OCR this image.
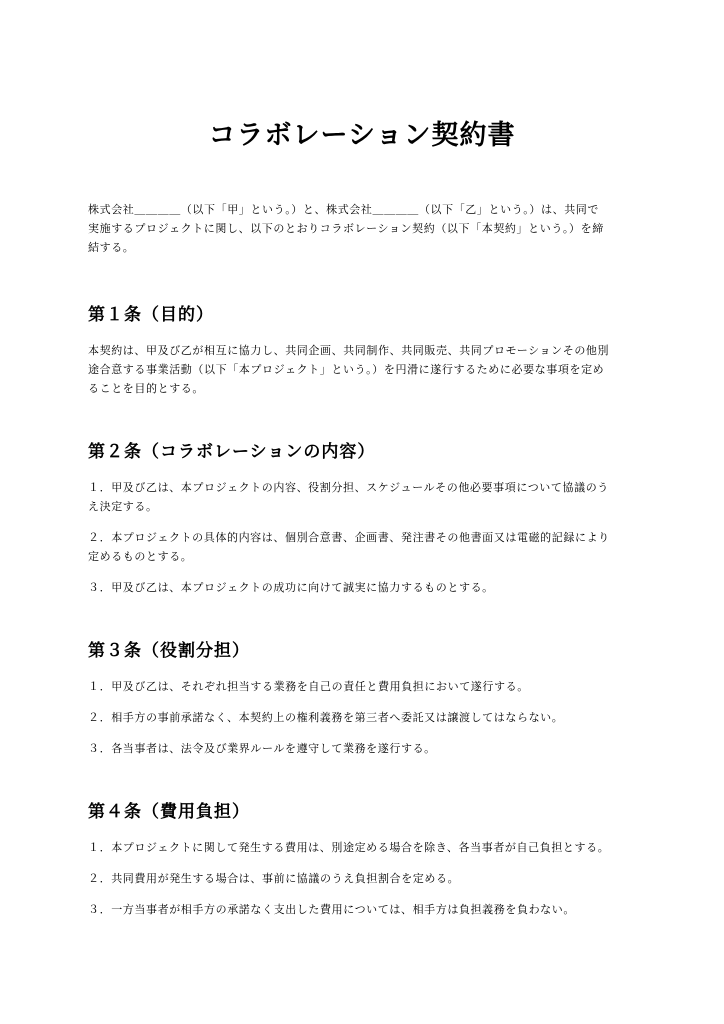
コラボレーション契約書

株式会社＿＿＿＿（以下「甲」という。）と、株式会社＿＿＿＿（以下「乙」という。）は、共同で
実施するプロジェクトに関し、以下のとおりコラボレーション契約（以下「本契約」という。）を締
結する。

第１条（目的）

本契約は、甲及び乙が相互に協力し、共同企画、共同制作、共同販売、共同プロモーションその他別
途合意する事業活動（以下「本プロジェクト」という。）を円滑に遂行するために必要な事項を定め
ることを目的とする。

第２条（コラボレーションの内容）
１．甲及び乙は、本プロジェクトの内容、役割分担、スケジュールその他必要事項について協議のう
え決定する。
２．本プロジェクトの具体的内容は、個別合意書、企画書、発注書その他書面又は電磁的記録により
定めるものとする。
３．甲及び乙は、本プロジェクトの成功に向けて誠実に協力するものとする。
第３条（役割分担）
１．甲及び乙は、それぞれ担当する業務を自己の責任と費用負担において遂行する。
２．相手方の事前承諾なく、本契約上の権利義務を第三者へ委託又は譲渡してはならない。
３．各当事者は、法令及び業界ルールを遵守して業務を遂行する。
第４条（費用負担）
１．本プロジェクトに関して発生する費用は、別途定める場合を除き、各当事者が自己負担とする。
２．共同費用が発生する場合は、事前に協議のうえ負担割合を定める。
３．一方当事者が相手方の承諾なく支出した費用については、相手方は負担義務を負わない。
